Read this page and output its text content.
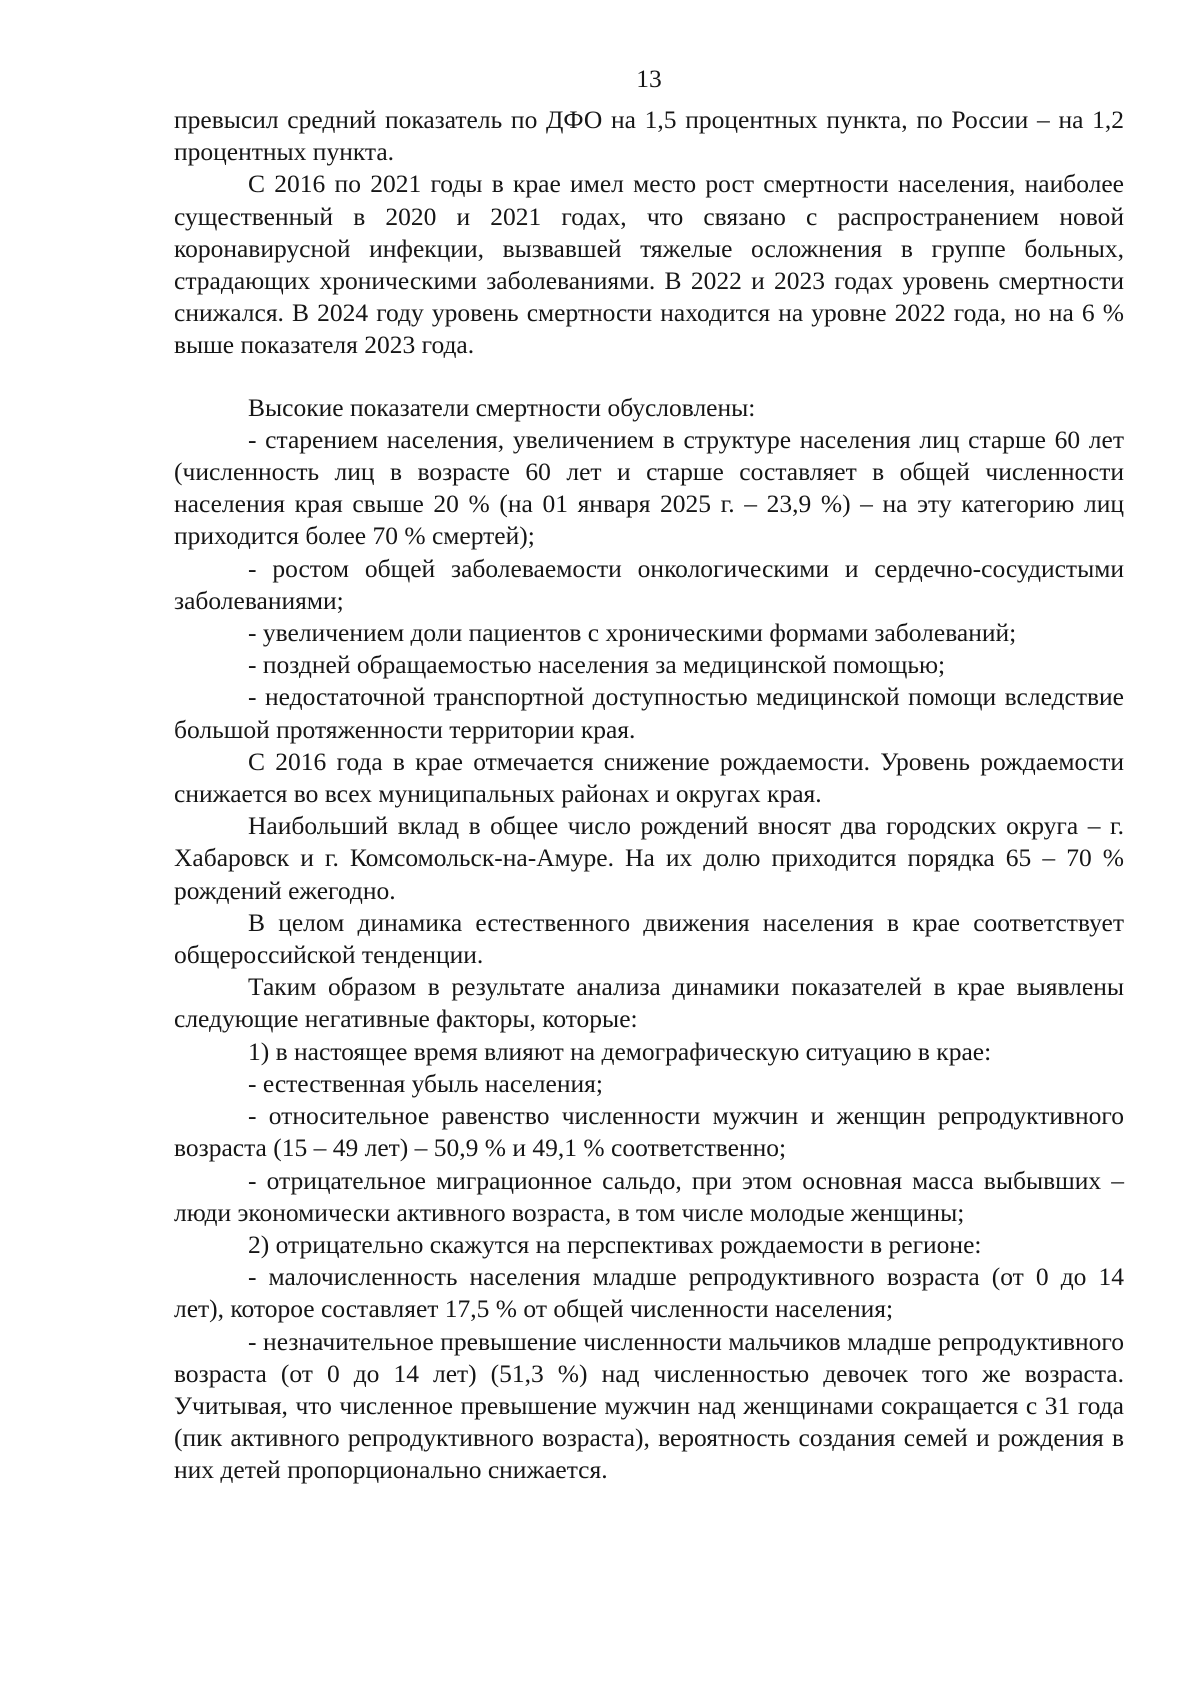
13

превысил средний показатель по ДФО на 1,5 процентных пункта, по России – на 1,2 процентных пункта.

С 2016 по 2021 годы в крае имел место рост смертности населения, наиболее существенный в 2020 и 2021 годах, что связано с распространением новой коронавирусной инфекции, вызвавшей тяжелые осложнения в группе больных, страдающих хроническими заболеваниями. В 2022 и 2023 годах уровень смертности снижался. В 2024 году уровень смертности находится на уровне 2022 года, но на 6 % выше показателя 2023 года.

Высокие показатели смертности обусловлены:

- старением населения, увеличением в структуре населения лиц старше 60 лет (численность лиц в возрасте 60 лет и старше составляет в общей численности населения края свыше 20 % (на 01 января 2025 г. – 23,9 %) – на эту категорию лиц приходится более 70 % смертей);

- ростом общей заболеваемости онкологическими и сердечно-сосудистыми заболеваниями;

- увеличением доли пациентов с хроническими формами заболеваний;

- поздней обращаемостью населения за медицинской помощью;

- недостаточной транспортной доступностью медицинской помощи вследствие большой протяженности территории края.

С 2016 года в крае отмечается снижение рождаемости. Уровень рождаемости снижается во всех муниципальных районах и округах края.

Наибольший вклад в общее число рождений вносят два городских округа – г. Хабаровск и г. Комсомольск-на-Амуре. На их долю приходится порядка 65 – 70 % рождений ежегодно.

В целом динамика естественного движения населения в крае соответствует общероссийской тенденции.

Таким образом в результате анализа динамики показателей в крае выявлены следующие негативные факторы, которые:

1) в настоящее время влияют на демографическую ситуацию в крае:

- естественная убыль населения;

- относительное равенство численности мужчин и женщин репродуктивного возраста (15 – 49 лет) – 50,9 % и 49,1 % соответственно;

- отрицательное миграционное сальдо, при этом основная масса выбывших – люди экономически активного возраста, в том числе молодые женщины;

2) отрицательно скажутся на перспективах рождаемости в регионе:

- малочисленность населения младше репродуктивного возраста (от 0 до 14 лет), которое составляет 17,5 % от общей численности населения;

- незначительное превышение численности мальчиков младше репродуктивного возраста (от 0 до 14 лет) (51,3 %) над численностью девочек того же возраста. Учитывая, что численное превышение мужчин над женщинами сокращается с 31 года (пик активного репродуктивного возраста), вероятность создания семей и рождения в них детей пропорционально снижается.
